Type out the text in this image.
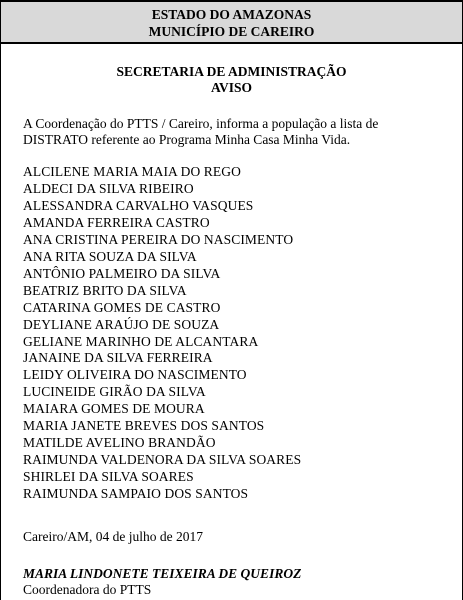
ESTADO DO AMAZONAS
MUNICÍPIO DE CAREIRO
SECRETARIA DE ADMINISTRAÇÃO
AVISO
A Coordenação do PTTS / Careiro, informa a população a lista de
DISTRATO referente ao Programa Minha Casa Minha Vida.
ALCILENE MARIA MAIA DO REGO
ALDECI DA SILVA RIBEIRO
ALESSANDRA CARVALHO VASQUES
AMANDA FERREIRA CASTRO
ANA CRISTINA PEREIRA DO NASCIMENTO
ANA RITA SOUZA DA SILVA
ANTÔNIO PALMEIRO DA SILVA
BEATRIZ BRITO DA SILVA
CATARINA GOMES DE CASTRO
DEYLIANE ARAÚJO DE SOUZA
GELIANE MARINHO DE ALCANTARA
JANAINE DA SILVA FERREIRA
LEIDY OLIVEIRA DO NASCIMENTO
LUCINEIDE GIRÃO DA SILVA
MAIARA GOMES DE MOURA
MARIA JANETE BREVES DOS SANTOS
MATILDE AVELINO BRANDÃO
RAIMUNDA VALDENORA DA SILVA SOARES
SHIRLEI DA SILVA SOARES
RAIMUNDA SAMPAIO DOS SANTOS
Careiro/AM, 04 de julho de 2017
MARIA LINDONETE TEIXEIRA DE QUEIROZ
Coordenadora do PTTS
